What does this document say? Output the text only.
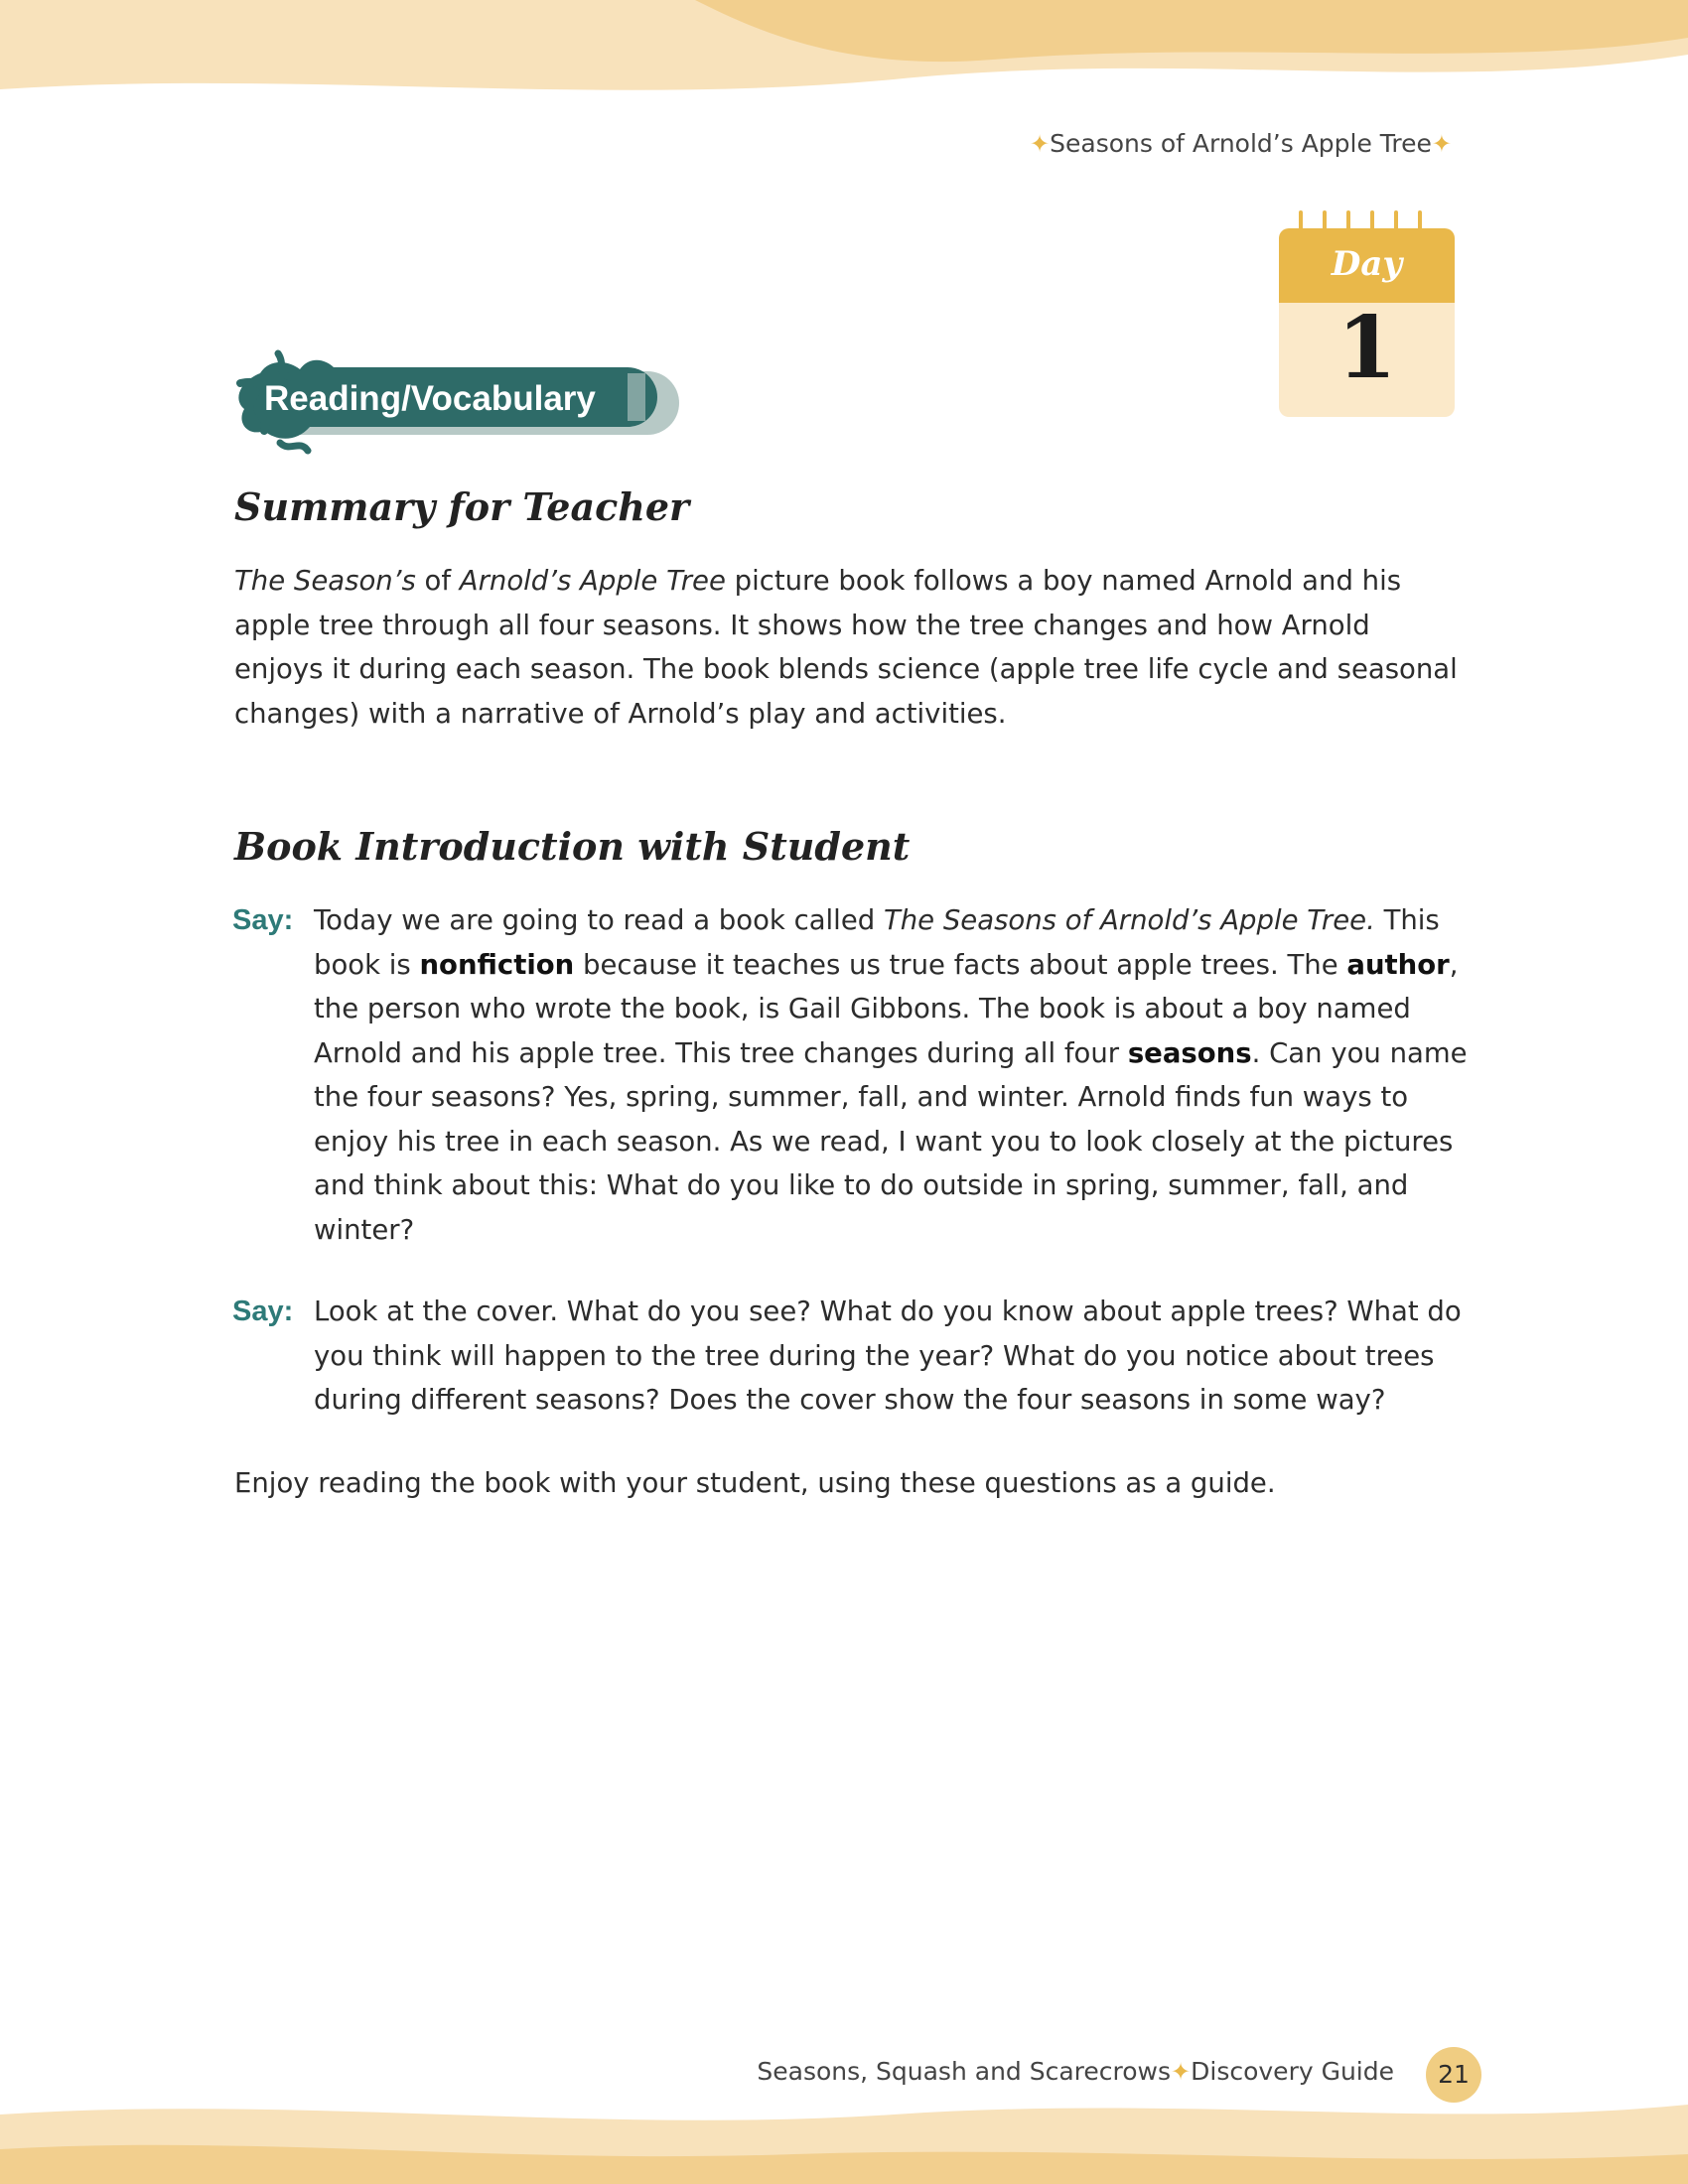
✦Seasons of Arnold’s Apple Tree✦
Day
1
Reading/Vocabulary
Summary for Teacher
The Season’s of Arnold’s Apple Tree picture book follows a boy named Arnold and his apple tree through all four seasons. It shows how the tree changes and how Arnold enjoys it during each season. The book blends science (apple tree life cycle and seasonal changes) with a narrative of Arnold’s play and activities.
Book Introduction with Student
Say: Today we are going to read a book called The Seasons of Arnold’s Apple Tree. This book is nonfiction because it teaches us true facts about apple trees. The author, the person who wrote the book, is Gail Gibbons. The book is about a boy named Arnold and his apple tree. This tree changes during all four seasons. Can you name the four seasons? Yes, spring, summer, fall, and winter. Arnold finds fun ways to enjoy his tree in each season. As we read, I want you to look closely at the pictures and think about this: What do you like to do outside in spring, summer, fall, and winter?
Say: Look at the cover. What do you see? What do you know about apple trees? What do you think will happen to the tree during the year? What do you notice about trees during different seasons? Does the cover show the four seasons in some way?
Enjoy reading the book with your student, using these questions as a guide.
Seasons, Squash and Scarecrows✦Discovery Guide	21
